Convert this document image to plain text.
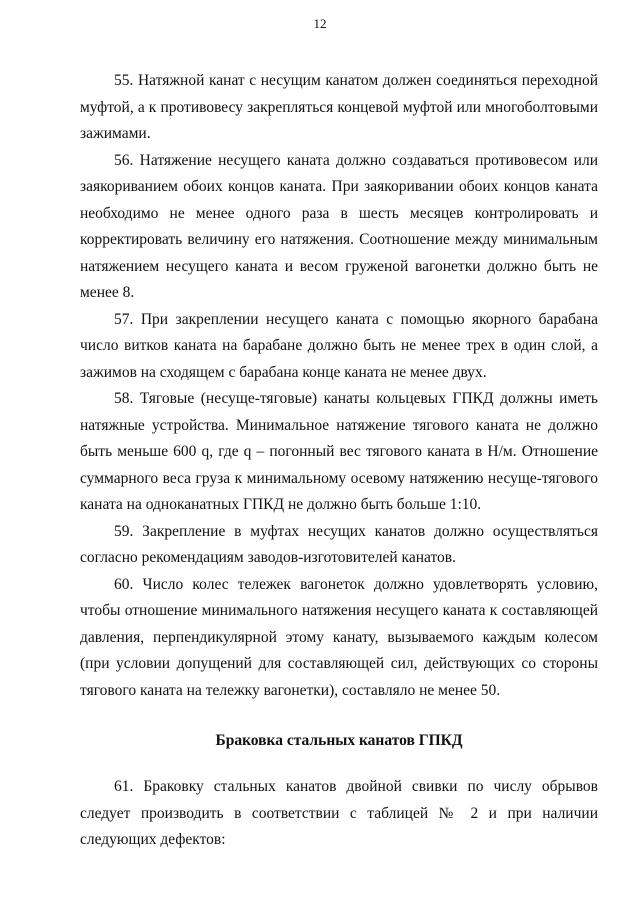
12

55. Натяжной канат с несущим канатом должен соединяться переходной муфтой, а к противовесу закрепляться концевой муфтой или многоболтовыми зажимами.

56. Натяжение несущего каната должно создаваться противовесом или заякориванием обоих концов каната. При заякоривании обоих концов каната необходимо не менее одного раза в шесть месяцев контролировать и корректировать величину его натяжения. Соотношение между минимальным натяжением несущего каната и весом груженой вагонетки должно быть не менее 8.

57. При закреплении несущего каната с помощью якорного барабана число витков каната на барабане должно быть не менее трех в один слой, а зажимов на сходящем с барабана конце каната не менее двух.

58. Тяговые (несуще-тяговые) канаты кольцевых ГПКД должны иметь натяжные устройства. Минимальное натяжение тягового каната не должно быть меньше 600 q, где q – погонный вес тягового каната в Н/м. Отношение суммарного веса груза к минимальному осевому натяжению несуще-тягового каната на одноканатных ГПКД не должно быть больше 1:10.

59. Закрепление в муфтах несущих канатов должно осуществляться согласно рекомендациям заводов-изготовителей канатов.

60. Число колес тележек вагонеток должно удовлетворять условию, чтобы отношение минимального натяжения несущего каната к составляющей давления, перпендикулярной этому канату, вызываемого каждым колесом (при условии допущений для составляющей сил, действующих со стороны тягового каната на тележку вагонетки), составляло не менее 50.

Браковка стальных канатов ГПКД

61. Браковку стальных канатов двойной свивки по числу обрывов следует производить в соответствии с таблицей № 2 и при наличии следующих дефектов:
